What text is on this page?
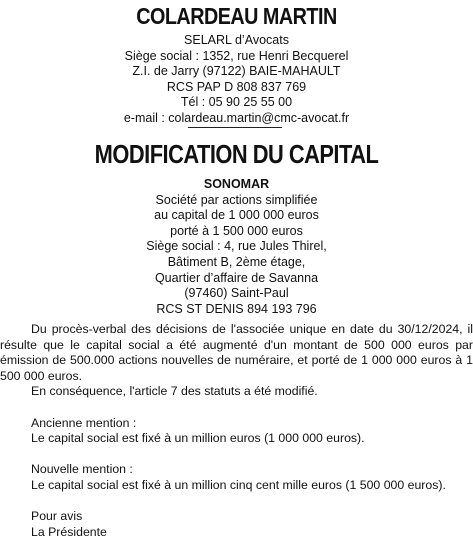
COLARDEAU MARTIN
SELARL d’Avocats
Siège social : 1352, rue Henri Becquerel
Z.I. de Jarry (97122) BAIE-MAHAULT
RCS PAP D 808 837 769
Tél : 05 90 25 55 00
e-mail : colardeau.martin@cmc-avocat.fr
MODIFICATION DU CAPITAL
SONOMAR
Société par actions simplifiée
au capital de 1 000 000 euros
porté à 1 500 000 euros
Siège social : 4, rue Jules Thirel,
Bâtiment B, 2ème étage,
Quartier d’affaire de Savanna
(97460) Saint-Paul
RCS ST DENIS 894 193 796

Du procès-verbal des décisions de l'associée unique en date du 30/12/2024, il résulte que le capital social a été augmenté d'un montant de 500 000 euros par émission de 500.000 actions nouvelles de numéraire, et porté de 1 000 000 euros à 1 500 000 euros.

En conséquence, l'article 7 des statuts a été modifié.

Ancienne mention :

Le capital social est fixé à un million euros (1 000 000 euros).

Nouvelle mention :

Le capital social est fixé à un million cinq cent mille euros (1 500 000 euros).

Pour avis

La Présidente
